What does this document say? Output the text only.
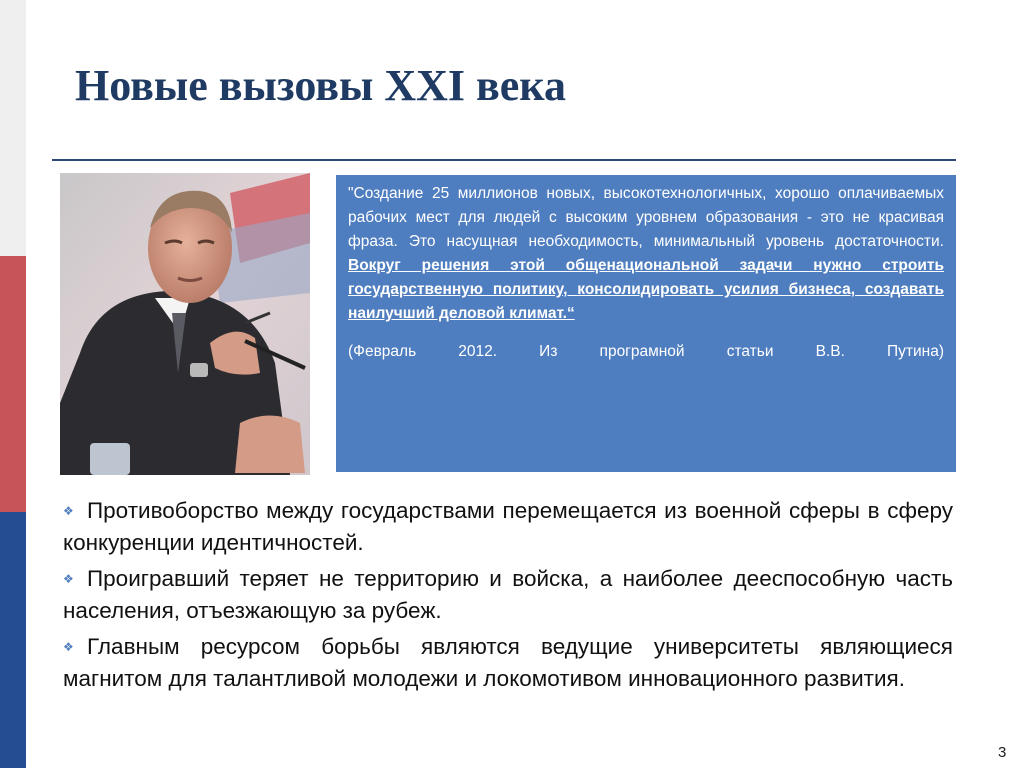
Новые вызовы XXI века

"Создание 25 миллионов новых, высокотехнологичных, хорошо оплачиваемых рабочих мест для людей с высоким уровнем образования - это не красивая фраза. Это насущная необходимость, минимальный уровень достаточности. Вокруг решения этой общенациональной задачи нужно строить государственную политику, консолидировать усилия бизнеса, создавать наилучший деловой климат.“

(Февраль 2012. Из програмной статьи В.В. Путина)

❖ Противоборство между государствами перемещается из военной сферы в сферу конкуренции идентичностей.
❖ Проигравший теряет не территорию и войска, а наиболее дееспособную часть населения, отъезжающую за рубеж.
❖ Главным ресурсом борьбы являются ведущие университеты являющиеся магнитом для талантливой молодежи и локомотивом инновационного развития.
3
